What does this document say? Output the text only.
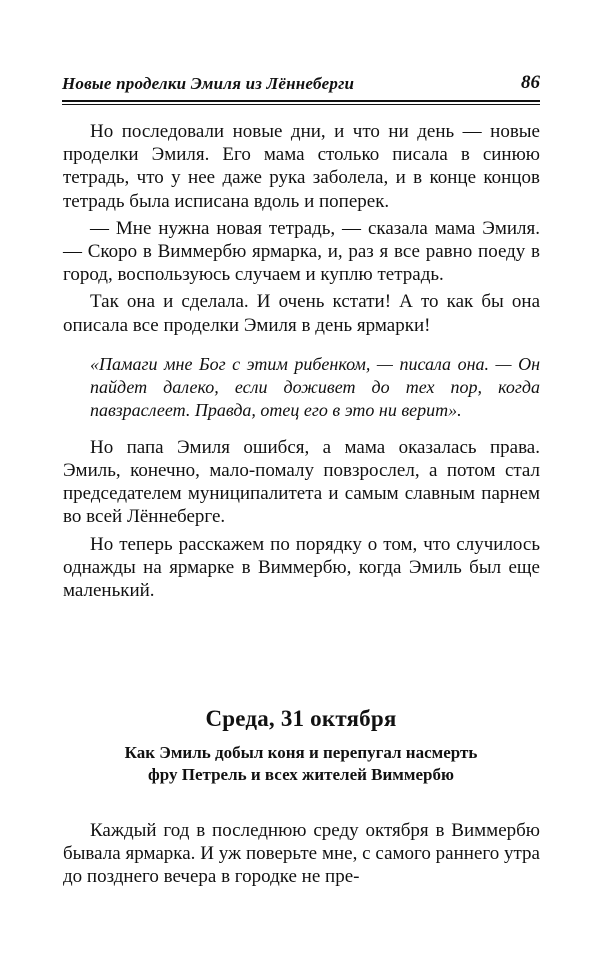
Новые проделки Эмиля из Лённеберги	86

Но последовали новые дни, и что ни день — новые проделки Эмиля. Его мама столько писала в синюю тетрадь, что у нее даже рука заболела, и в конце концов тетрадь была исписана вдоль и поперек.

— Мне нужна новая тетрадь, — сказала мама Эмиля. — Скоро в Виммербю ярмарка, и, раз я все равно поеду в город, воспользуюсь случаем и куплю тетрадь.

Так она и сделала. И очень кстати! А то как бы она описала все проделки Эмиля в день ярмарки!

«Памаги мне Бог с этим рибенком, — писала она. — Он пайдет далеко, если доживет до тех пор, когда павзраслеет. Правда, отец его в это ни верит».

Но папа Эмиля ошибся, а мама оказалась права. Эмиль, конечно, мало-помалу повзрослел, а потом стал председателем муниципалитета и самым славным парнем во всей Лённеберге.

Но теперь расскажем по порядку о том, что случилось однажды на ярмарке в Виммербю, когда Эмиль был еще маленький.

Среда, 31 октября
Как Эмиль добыл коня и перепугал насмерть
фру Петрель и всех жителей Виммербю

Каждый год в последнюю среду октября в Виммербю бывала ярмарка. И уж поверьте мне, с самого раннего утра до позднего вечера в городке не пре-
